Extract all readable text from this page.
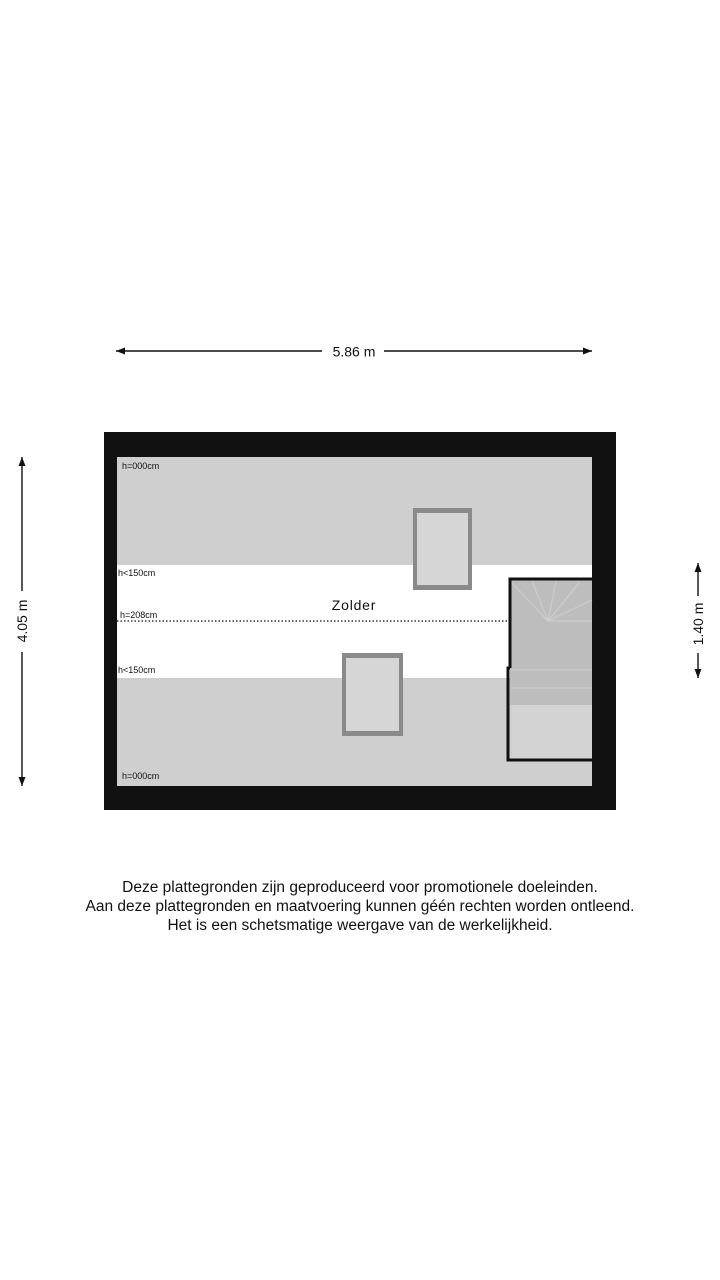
5.86 m
4.05 m	1.40 m
Zolder
h=000cm
h<150cm
h=208cm
h<150cm
h=000cm
Deze plattegronden zijn geproduceerd voor promotionele doeleinden.
Aan deze plattegronden en maatvoering kunnen géén rechten worden ontleend.
Het is een schetsmatige weergave van de werkelijkheid.
